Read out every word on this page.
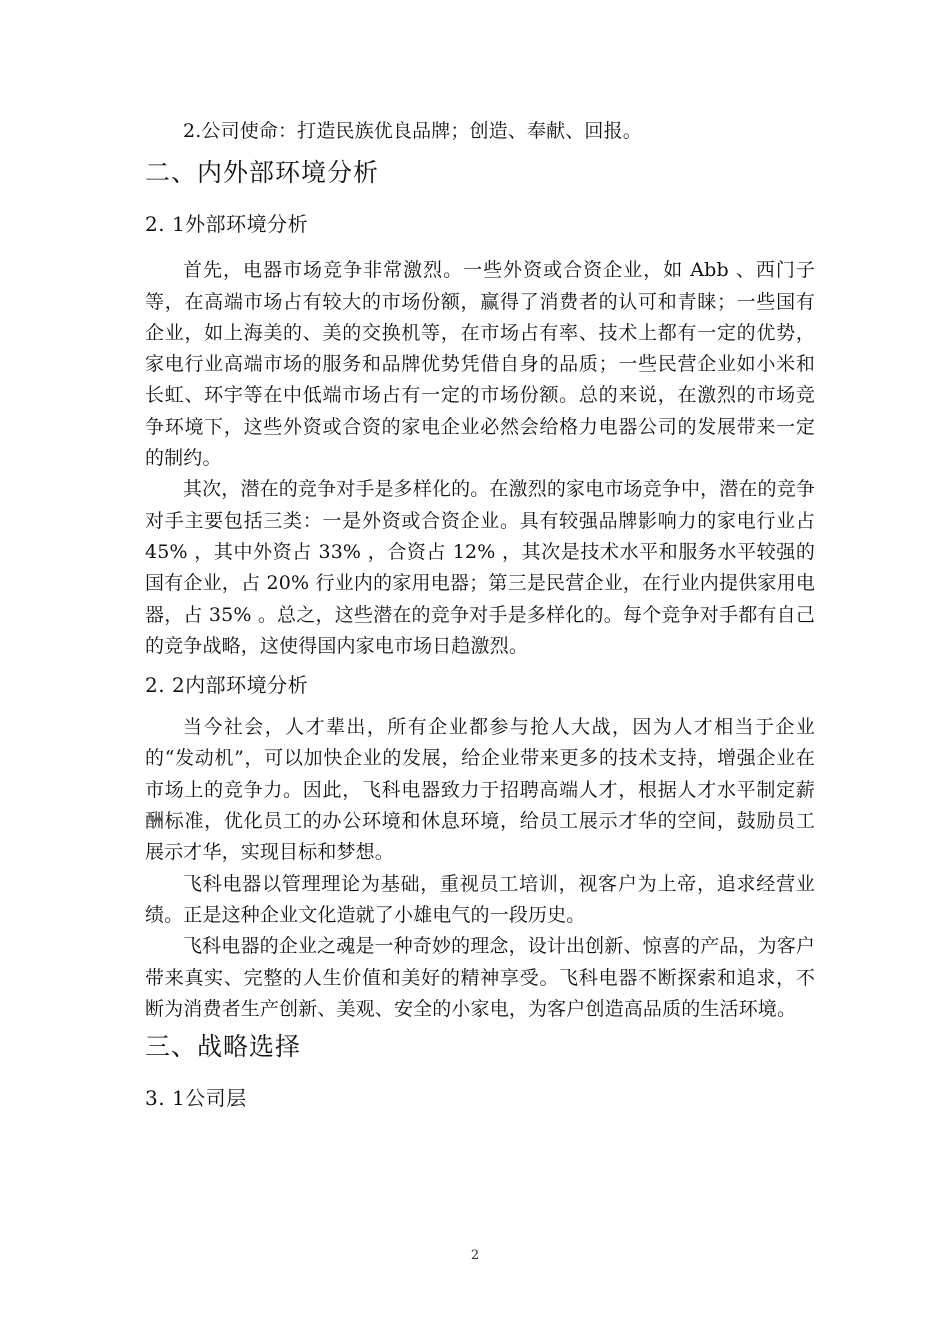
2.公司使命：打造民族优良品牌；创造、奉献、回报。

二、内外部环境分析
2. 1外部环境分析

首先，电器市场竞争非常激烈。一些外资或合资企业，如 Abb 、西门子等，在高端市场占有较大的市场份额，赢得了消费者的认可和青睐；一些国有企业，如上海美的、美的交换机等，在市场占有率、技术上都有一定的优势，家电行业高端市场的服务和品牌优势凭借自身的品质；一些民营企业如小米和长虹、环宇等在中低端市场占有一定的市场份额。总的来说，在激烈的市场竞争环境下，这些外资或合资的家电企业必然会给格力电器公司的发展带来一定的制约。

其次，潜在的竞争对手是多样化的。在激烈的家电市场竞争中，潜在的竞争对手主要包括三类：一是外资或合资企业。具有较强品牌影响力的家电行业占 45% ，其中外资占 33% ，合资占 12% ，其次是技术水平和服务水平较强的国有企业，占 20% 行业内的家用电器；第三是民营企业，在行业内提供家用电器，占 35% 。总之，这些潜在的竞争对手是多样化的。每个竞争对手都有自己的竞争战略，这使得国内家电市场日趋激烈。

2. 2内部环境分析

当今社会，人才辈出，所有企业都参与抢人大战，因为人才相当于企业的“发动机”，可以加快企业的发展，给企业带来更多的技术支持，增强企业在市场上的竞争力。因此，飞科电器致力于招聘高端人才，根据人才水平制定薪酬标准，优化员工的办公环境和休息环境，给员工展示才华的空间，鼓励员工展示才华，实现目标和梦想。

飞科电器以管理理论为基础，重视员工培训，视客户为上帝，追求经营业绩。正是这种企业文化造就了小雄电气的一段历史。

飞科电器的企业之魂是一种奇妙的理念，设计出创新、惊喜的产品，为客户带来真实、完整的人生价值和美好的精神享受。飞科电器不断探索和追求，不断为消费者生产创新、美观、安全的小家电，为客户创造高品质的生活环境。

三、战略选择
3. 1公司层
2
